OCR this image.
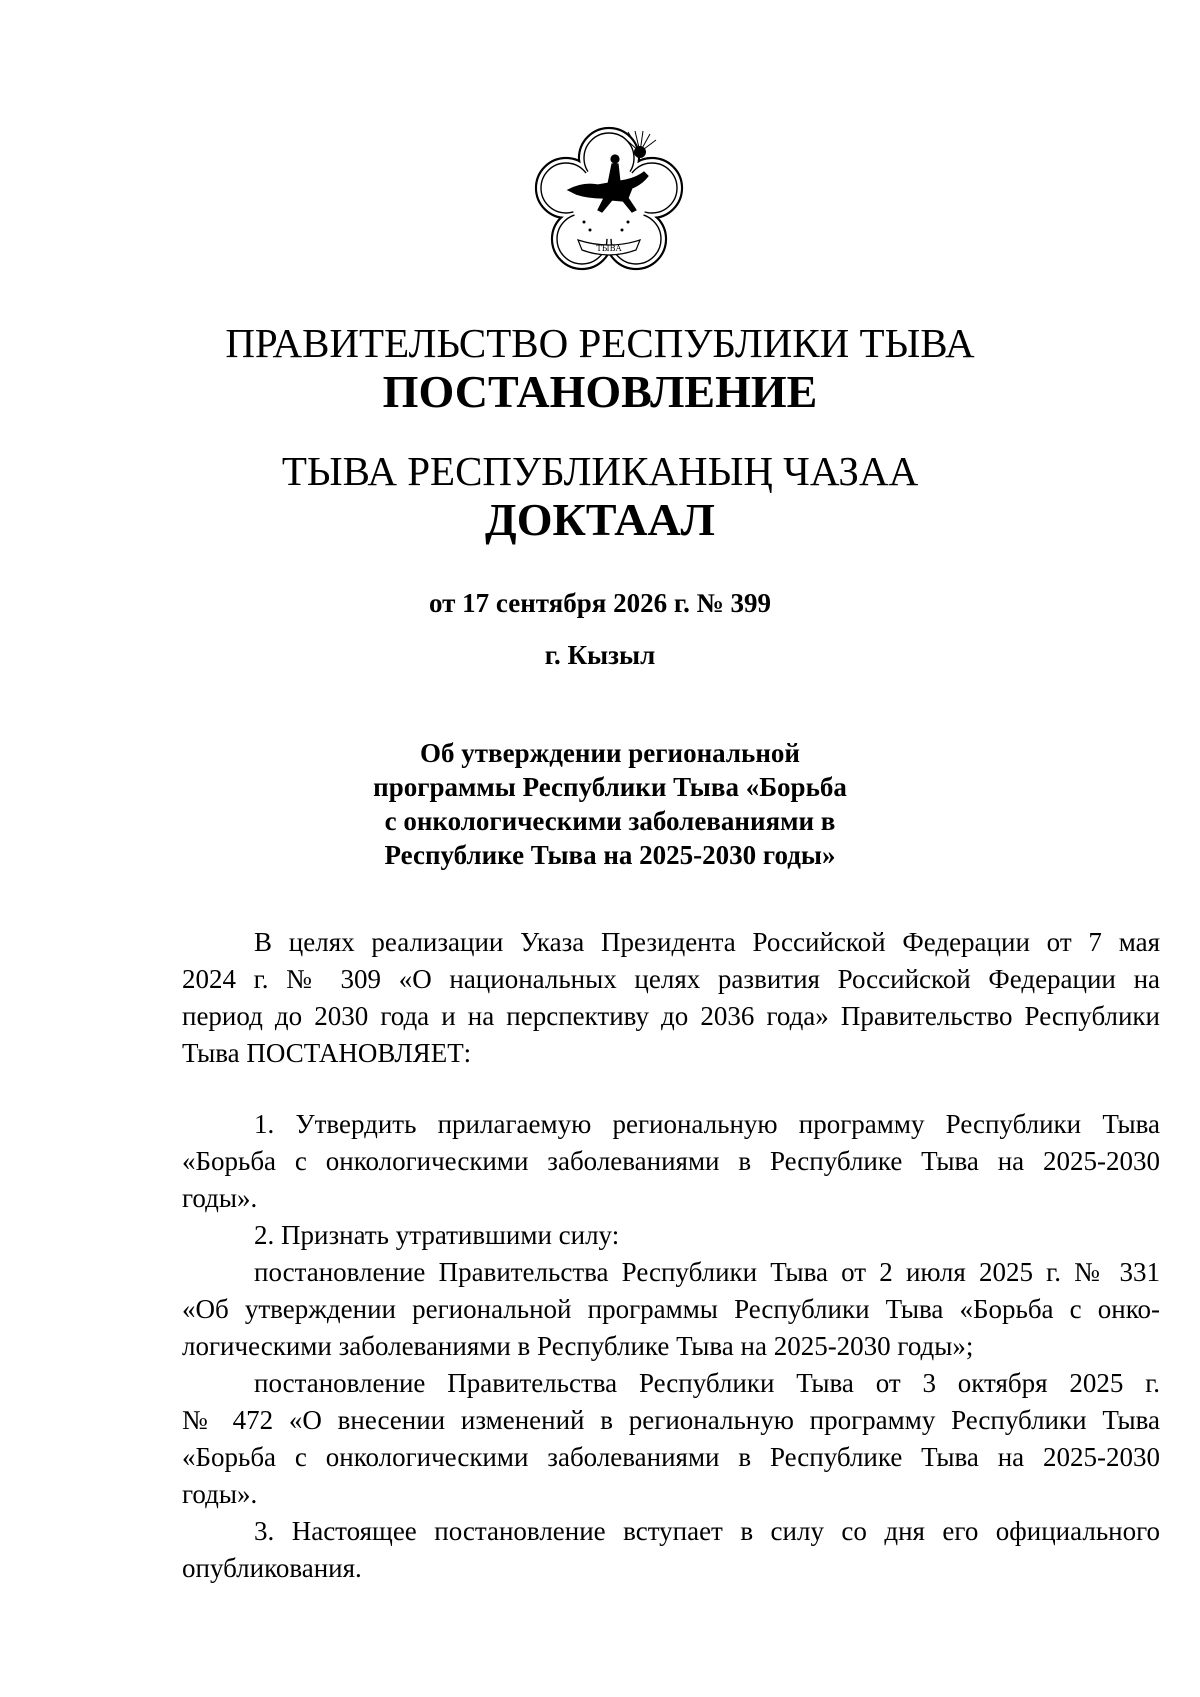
ТЫВА
ПРАВИТЕЛЬСТВО РЕСПУБЛИКИ ТЫВА
ПОСТАНОВЛЕНИЕ
ТЫВА РЕСПУБЛИКАНЫҢ ЧАЗАА
ДОКТААЛ
от 17 сентября 2026 г. № 399
г. Кызыл
Об утверждении региональной
программы Республики Тыва «Борьба
с онкологическими заболеваниями в
Республике Тыва на 2025-2030 годы»
В целях реализации Указа Президента Российской Федерации от 7 мая
2024 г. № 309 «О национальных целях развития Российской Федерации на
период до 2030 года и на перспективу до 2036 года» Правительство Республики
Тыва ПОСТАНОВЛЯЕТ:
1. Утвердить прилагаемую региональную программу Республики Тыва
«Борьба с онкологическими заболеваниями в Республике Тыва на 2025-2030
годы».
2. Признать утратившими силу:
постановление Правительства Республики Тыва от 2 июля 2025 г. № 331
«Об утверждении региональной программы Республики Тыва «Борьба с онко-
логическими заболеваниями в Республике Тыва на 2025-2030 годы»;
постановление Правительства Республики Тыва от 3 октября 2025 г.
№ 472 «О внесении изменений в региональную программу Республики Тыва
«Борьба с онкологическими заболеваниями в Республике Тыва на 2025-2030
годы».
3. Настоящее постановление вступает в силу со дня его официального
опубликования.
